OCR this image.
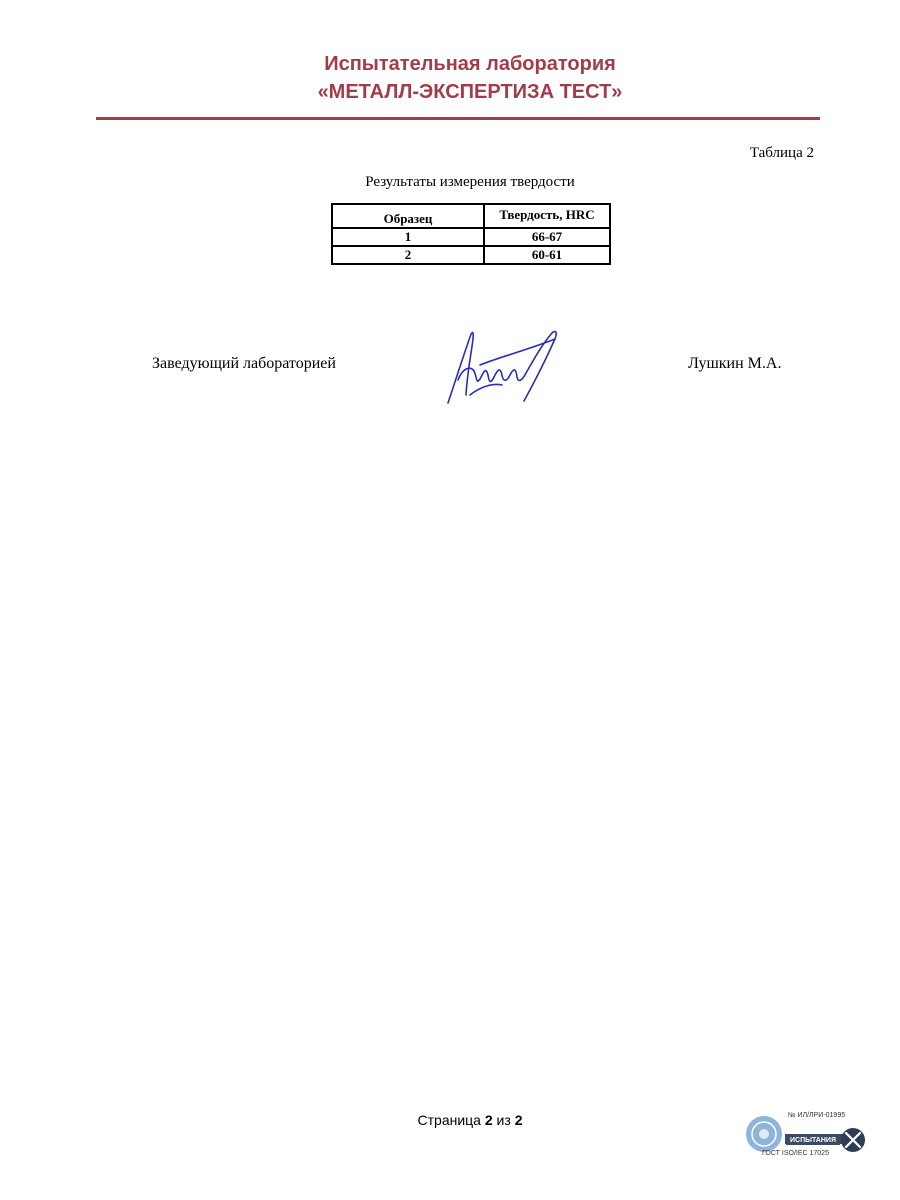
Испытательная лаборатория
«МЕТАЛЛ-ЭКСПЕРТИЗА ТЕСТ»
Таблица 2
Результаты измерения твердости
Образец	Твердость, HRC
1	66-67
2	60-61
Заведующий лабораторией	Лушкин М.А.
Страница 2 из 2	№ ИЛ/ЛРИ-01995
ИСПЫТАНИЯ
ГОСТ ISO/IEC 17025
